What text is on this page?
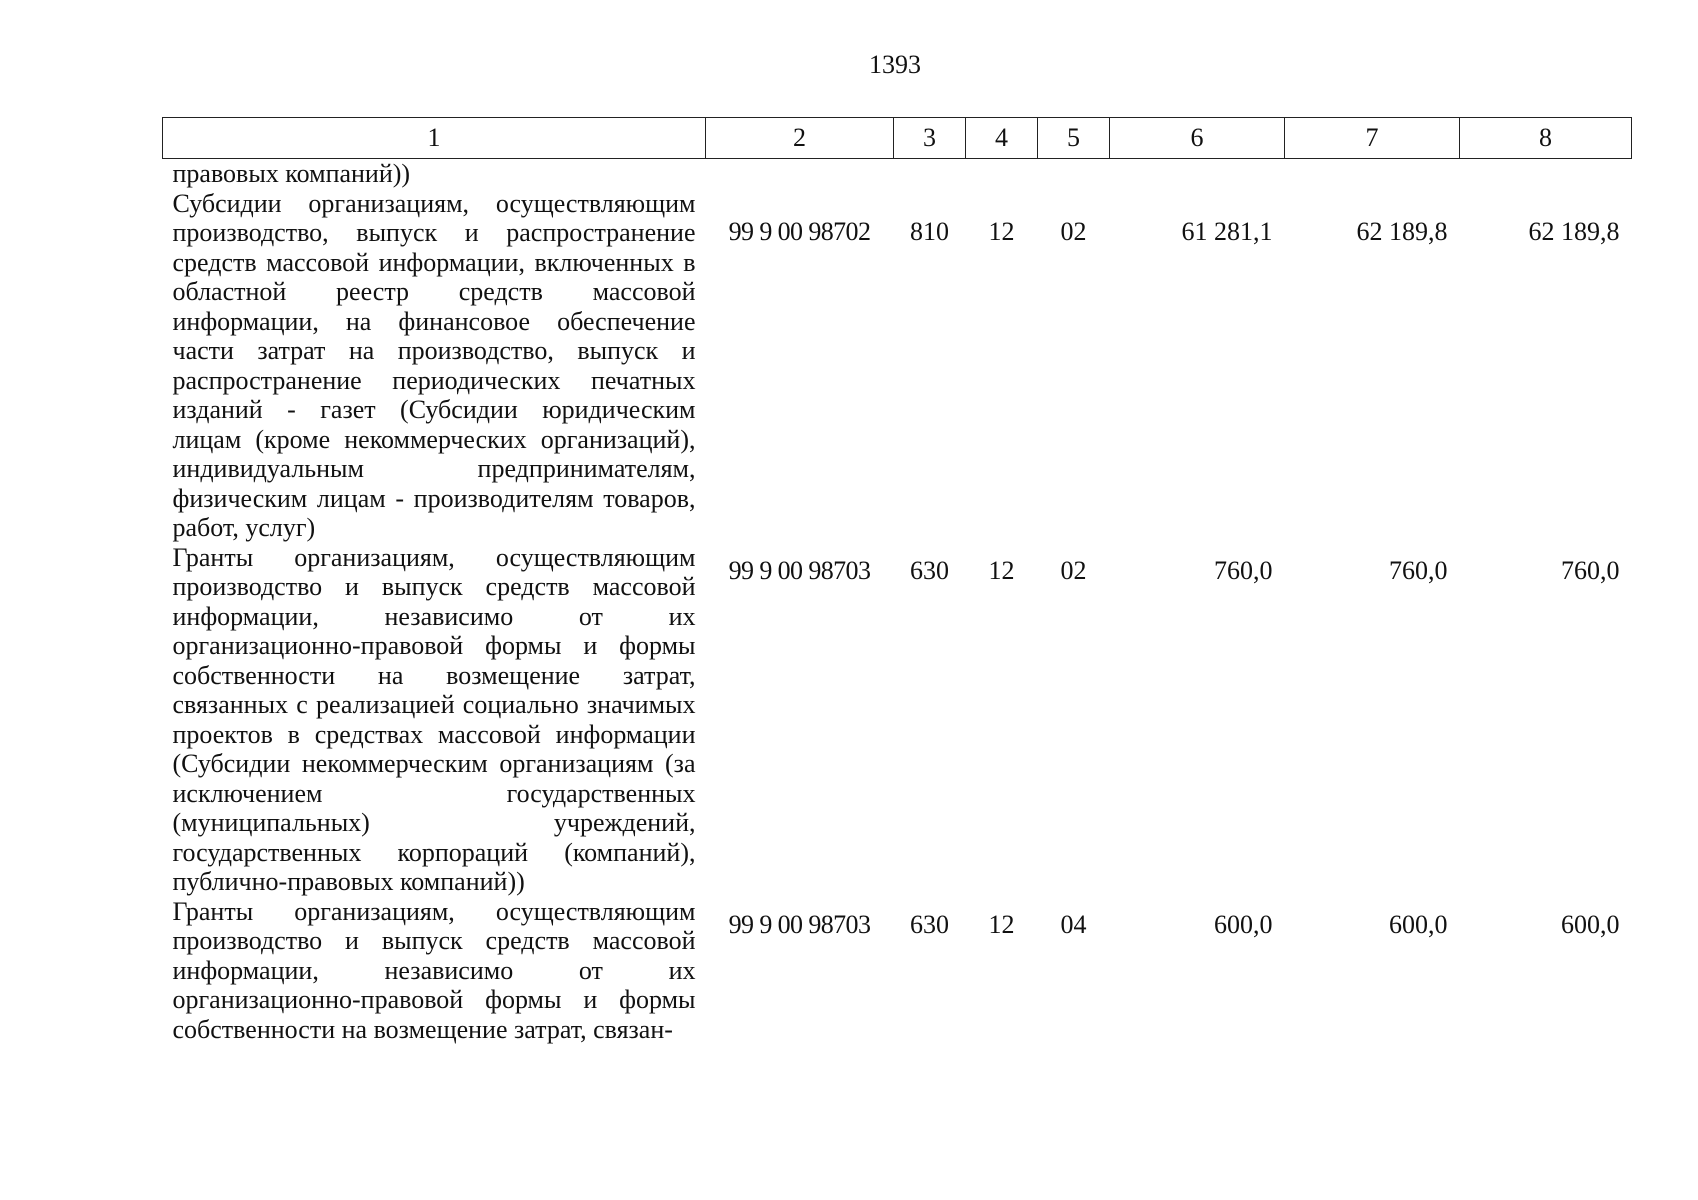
1393
1	2	3	4	5	6	7	8
правовых компаний))							
Субсидии организациям, осуществляющим производство, выпуск и распространение средств массовой информации, включенных в областной реестр средств массовой информации, на финансовое обеспечение части затрат на производство, выпуск и распространение периодических печатных изданий - газет (Субсидии юридическим лицам (кроме некоммерческих организаций), индивидуальным предпринимателям, физическим лицам - производителям товаров, работ, услуг)	99 9 00 98702	810	12	02	61 281,1	62 189,8	62 189,8
Гранты организациям, осуществляющим производство и выпуск средств массовой информации, независимо от их организационно-правовой формы и формы собственности на возмещение затрат, связанных с реализацией социально значимых проектов в средствах массовой информации (Субсидии некоммерческим организациям (за исключением государственных (муниципальных) учреждений, государственных корпораций (компаний), публично-правовых компаний))	99 9 00 98703	630	12	02	760,0	760,0	760,0
Гранты организациям, осуществляющим производство и выпуск средств массовой информации, независимо от их организационно-правовой формы и формы собственности на возмещение затрат, связан-	99 9 00 98703	630	12	04	600,0	600,0	600,0
